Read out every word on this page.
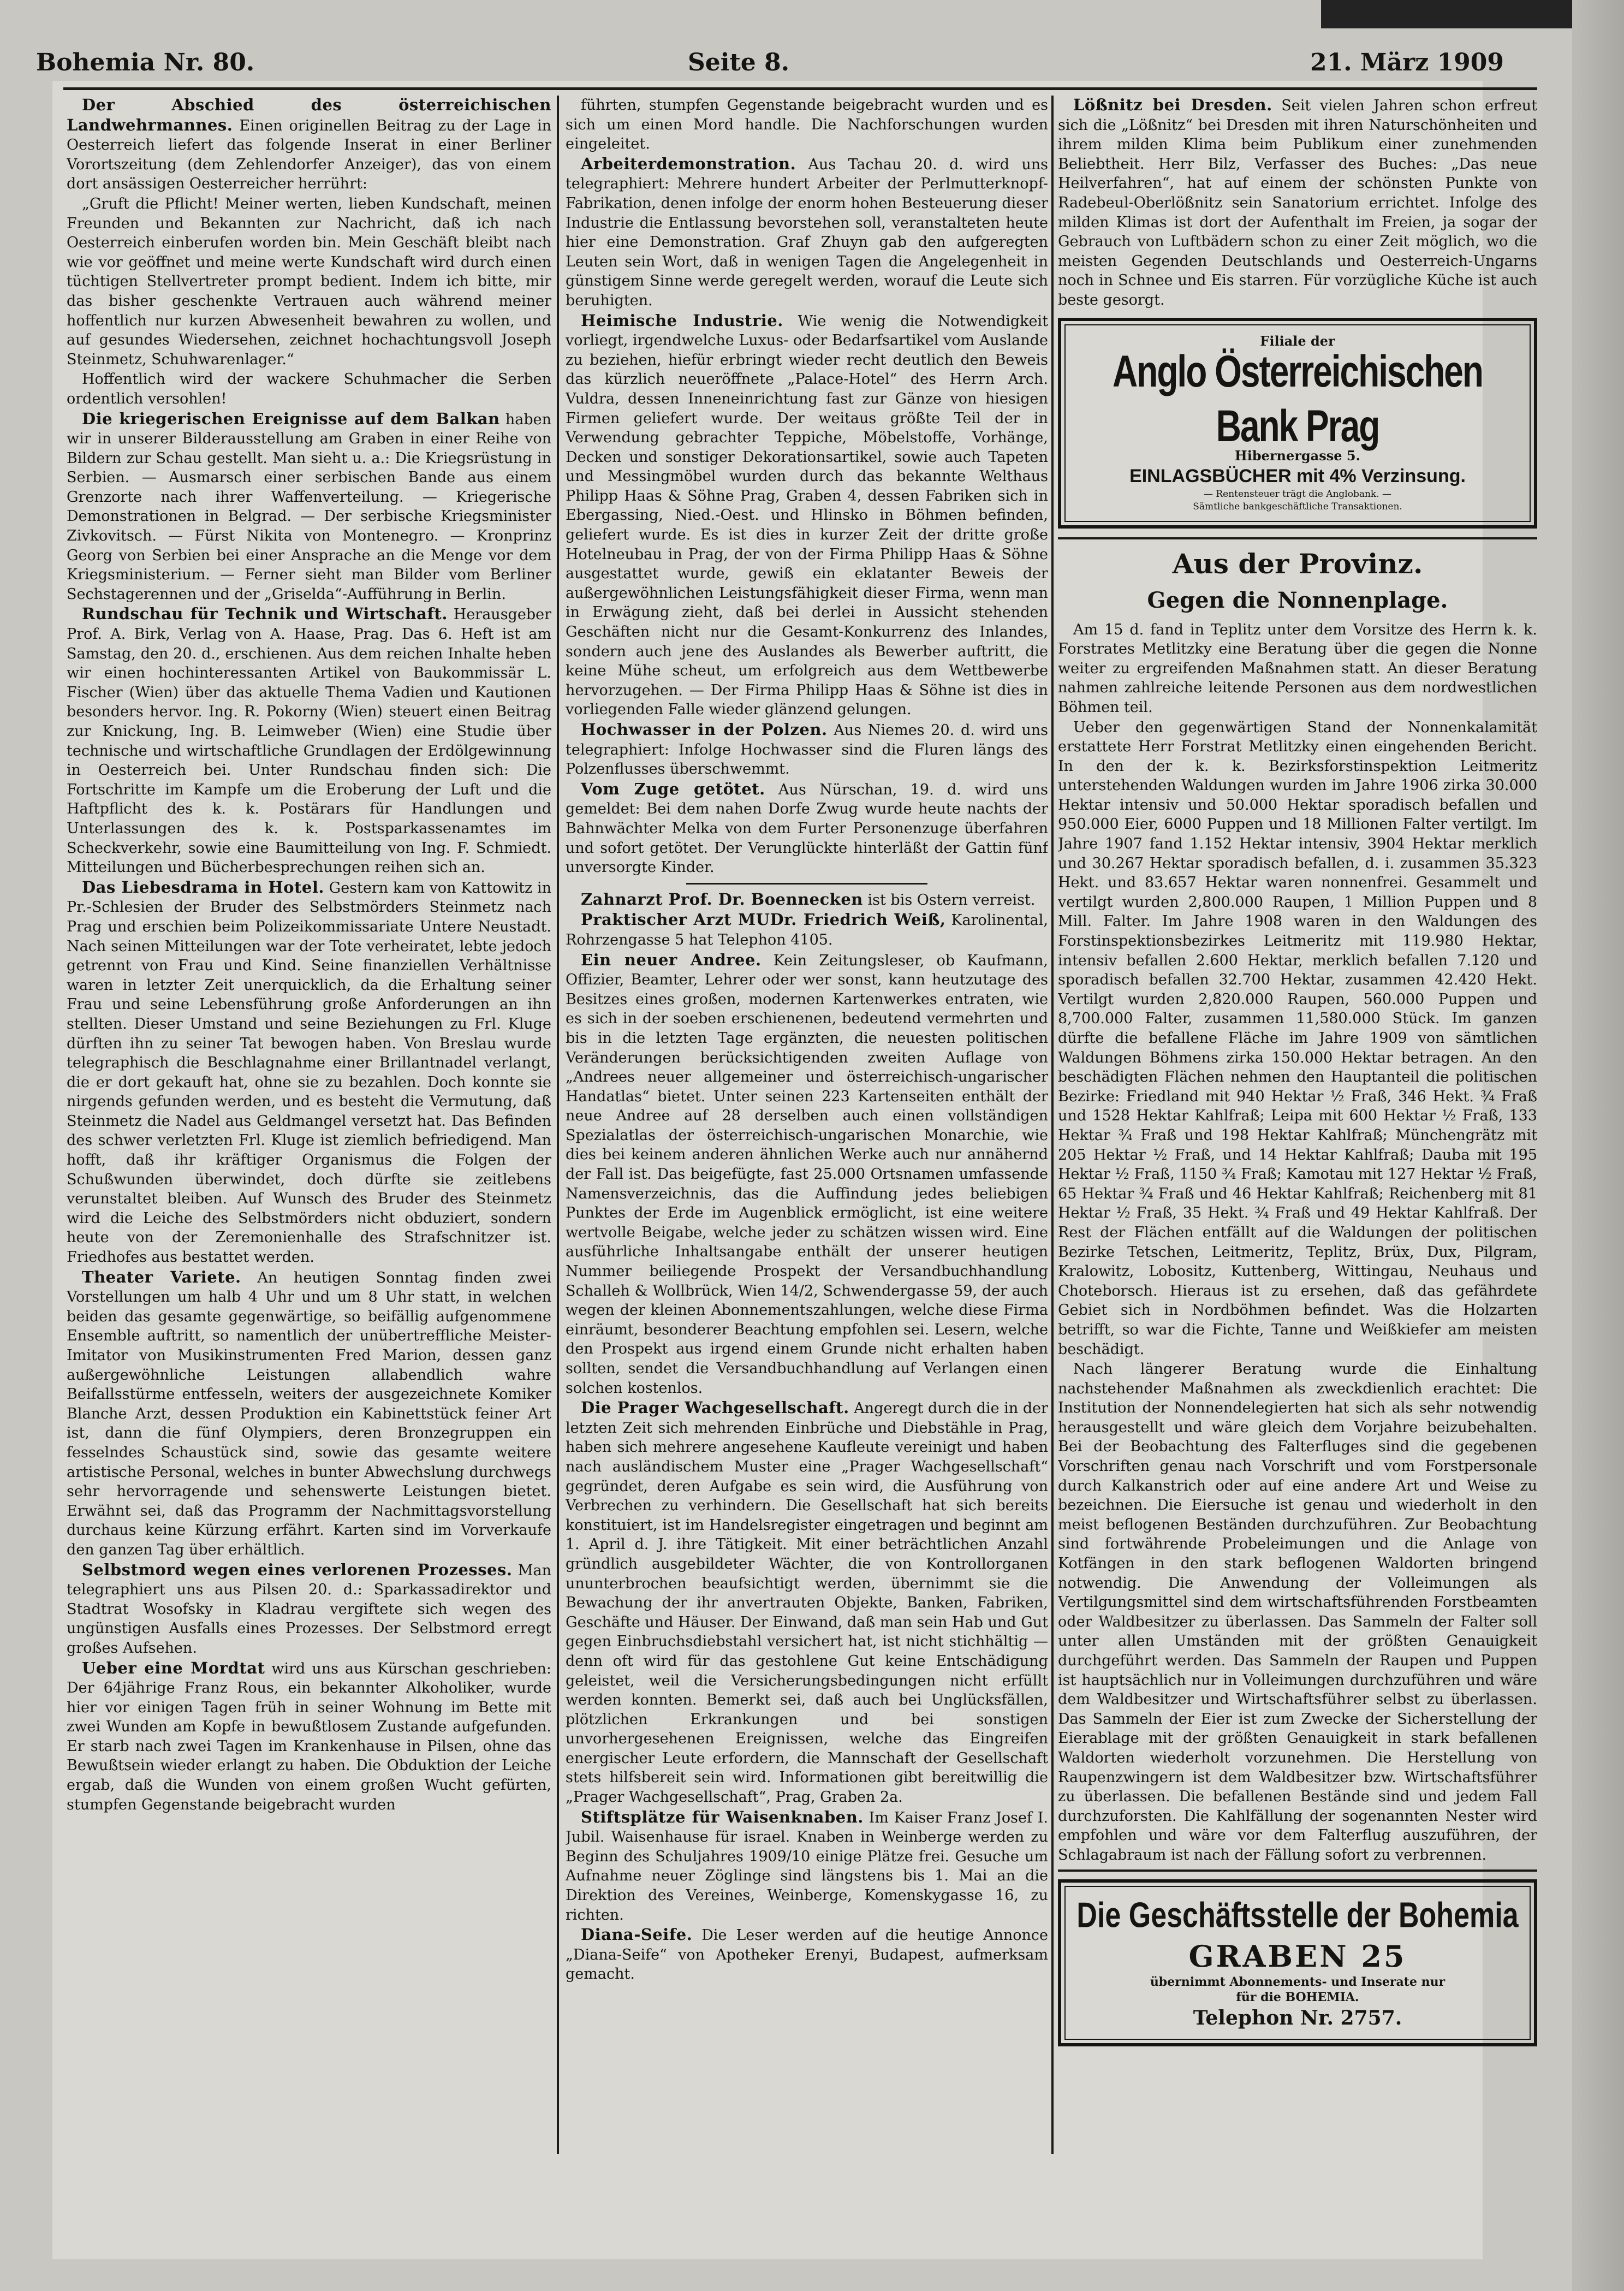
Bohemia Nr. 80.	Seite 8.	21. März 1909

Der Abschied des österreichischen Landwehrmannes. Einen originellen Beitrag zu der Lage in Oesterreich liefert das folgende Inserat in einer Berliner Vorortszeitung (dem Zehlendorfer Anzeiger), das von einem dort ansässigen Oesterreicher herrührt:

„Gruft die Pflicht! Meiner werten, lieben Kundschaft, meinen Freunden und Bekannten zur Nachricht, daß ich nach Oesterreich einberufen worden bin. Mein Geschäft bleibt nach wie vor geöffnet und meine werte Kundschaft wird durch einen tüchtigen Stellvertreter prompt bedient. Indem ich bitte, mir das bisher geschenkte Vertrauen auch während meiner hoffentlich nur kurzen Abwesenheit bewahren zu wollen, und auf gesundes Wiedersehen, zeichnet hochachtungsvoll Joseph Steinmetz, Schuhwarenlager.“

Hoffentlich wird der wackere Schuhmacher die Serben ordentlich versohlen!

Die kriegerischen Ereignisse auf dem Balkan haben wir in unserer Bilderausstellung am Graben in einer Reihe von Bildern zur Schau gestellt. Man sieht u. a.: Die Kriegsrüstung in Serbien. — Ausmarsch einer serbischen Bande aus einem Grenzorte nach ihrer Waffenverteilung. — Kriegerische Demonstrationen in Belgrad. — Der serbische Kriegsminister Zivkovitsch. — Fürst Nikita von Montenegro. — Kronprinz Georg von Serbien bei einer Ansprache an die Menge vor dem Kriegsministerium. — Ferner sieht man Bilder vom Berliner Sechstagerennen und der „Griselda“-Aufführung in Berlin.

Rundschau für Technik und Wirtschaft. Herausgeber Prof. A. Birk, Verlag von A. Haase, Prag. Das 6. Heft ist am Samstag, den 20. d., erschienen. Aus dem reichen Inhalte heben wir einen hochinteressanten Artikel von Baukommissär L. Fischer (Wien) über das aktuelle Thema Vadien und Kautionen besonders hervor. Ing. R. Pokorny (Wien) steuert einen Beitrag zur Knickung, Ing. B. Leimweber (Wien) eine Studie über technische und wirtschaftliche Grundlagen der Erdölgewinnung in Oesterreich bei. Unter Rundschau finden sich: Die Fortschritte im Kampfe um die Eroberung der Luft und die Haftpflicht des k. k. Postärars für Handlungen und Unterlassungen des k. k. Postsparkassenamtes im Scheckverkehr, sowie eine Baumitteilung von Ing. F. Schmiedt. Mitteilungen und Bücherbesprechungen reihen sich an.

Das Liebesdrama in Hotel. Gestern kam von Kattowitz in Pr.-Schlesien der Bruder des Selbstmörders Steinmetz nach Prag und erschien beim Polizeikommissariate Untere Neustadt. Nach seinen Mitteilungen war der Tote verheiratet, lebte jedoch getrennt von Frau und Kind. Seine finanziellen Verhältnisse waren in letzter Zeit unerquicklich, da die Erhaltung seiner Frau und seine Lebensführung große Anforderungen an ihn stellten. Dieser Umstand und seine Beziehungen zu Frl. Kluge dürften ihn zu seiner Tat bewogen haben. Von Breslau wurde telegraphisch die Beschlagnahme einer Brillantnadel verlangt, die er dort gekauft hat, ohne sie zu bezahlen. Doch konnte sie nirgends gefunden werden, und es besteht die Vermutung, daß Steinmetz die Nadel aus Geldmangel versetzt hat. Das Befinden des schwer verletzten Frl. Kluge ist ziemlich befriedigend. Man hofft, daß ihr kräftiger Organismus die Folgen der Schußwunden überwindet, doch dürfte sie zeitlebens verunstaltet bleiben. Auf Wunsch des Bruder des Steinmetz wird die Leiche des Selbstmörders nicht obduziert, sondern heute von der Zeremonienhalle des Strafschnitzer ist. Friedhofes aus bestattet werden.

Theater Variete. An heutigen Sonntag finden zwei Vorstellungen um halb 4 Uhr und um 8 Uhr statt, in welchen beiden das gesamte gegenwärtige, so beifällig aufgenommene Ensemble auftritt, so namentlich der unübertreffliche Meister-Imitator von Musikinstrumenten Fred Marion, dessen ganz außergewöhnliche Leistungen allabendlich wahre Beifallsstürme entfesseln, weiters der ausgezeichnete Komiker Blanche Arzt, dessen Produktion ein Kabinettstück feiner Art ist, dann die fünf Olympiers, deren Bronzegruppen ein fesselndes Schaustück sind, sowie das gesamte weitere artistische Personal, welches in bunter Abwechslung durchwegs sehr hervorragende und sehenswerte Leistungen bietet. Erwähnt sei, daß das Programm der Nachmittagsvorstellung durchaus keine Kürzung erfährt. Karten sind im Vorverkaufe den ganzen Tag über erhältlich.

Selbstmord wegen eines verlorenen Prozesses. Man telegraphiert uns aus Pilsen 20. d.: Sparkassadirektor und Stadtrat Wosofsky in Kladrau vergiftete sich wegen des ungünstigen Ausfalls eines Prozesses. Der Selbstmord erregt großes Aufsehen.

Ueber eine Mordtat wird uns aus Kürschan geschrieben: Der 64jährige Franz Rous, ein bekannter Alkoholiker, wurde hier vor einigen Tagen früh in seiner Wohnung im Bette mit zwei Wunden am Kopfe in bewußtlosem Zustande aufgefunden. Er starb nach zwei Tagen im Krankenhause in Pilsen, ohne das Bewußtsein wieder erlangt zu haben. Die Obduktion der Leiche ergab, daß die Wunden von einem großen Wucht gefürten, stumpfen Gegenstande beigebracht wurden

führten, stumpfen Gegenstande beigebracht wurden und es sich um einen Mord handle. Die Nachforschungen wurden eingeleitet.

Arbeiterdemonstration. Aus Tachau 20. d. wird uns telegraphiert: Mehrere hundert Arbeiter der Perlmutterknopf-Fabrikation, denen infolge der enorm hohen Besteuerung dieser Industrie die Entlassung bevorstehen soll, veranstalteten heute hier eine Demonstration. Graf Zhuyn gab den aufgeregten Leuten sein Wort, daß in wenigen Tagen die Angelegenheit in günstigem Sinne werde geregelt werden, worauf die Leute sich beruhigten.

Heimische Industrie. Wie wenig die Notwendigkeit vorliegt, irgendwelche Luxus- oder Bedarfsartikel vom Auslande zu beziehen, hiefür erbringt wieder recht deutlich den Beweis das kürzlich neueröffnete „Palace-Hotel“ des Herrn Arch. Vuldra, dessen Inneneinrichtung fast zur Gänze von hiesigen Firmen geliefert wurde. Der weitaus größte Teil der in Verwendung gebrachter Teppiche, Möbelstoffe, Vorhänge, Decken und sonstiger Dekorationsartikel, sowie auch Tapeten und Messingmöbel wurden durch das bekannte Welthaus Philipp Haas & Söhne Prag, Graben 4, dessen Fabriken sich in Ebergassing, Nied.-Oest. und Hlinsko in Böhmen befinden, geliefert wurde. Es ist dies in kurzer Zeit der dritte große Hotelneubau in Prag, der von der Firma Philipp Haas & Söhne ausgestattet wurde, gewiß ein eklatanter Beweis der außergewöhnlichen Leistungsfähigkeit dieser Firma, wenn man in Erwägung zieht, daß bei derlei in Aussicht stehenden Geschäften nicht nur die Gesamt-Konkurrenz des Inlandes, sondern auch jene des Auslandes als Bewerber auftritt, die keine Mühe scheut, um erfolgreich aus dem Wettbewerbe hervorzugehen. — Der Firma Philipp Haas & Söhne ist dies in vorliegenden Falle wieder glänzend gelungen.

Hochwasser in der Polzen. Aus Niemes 20. d. wird uns telegraphiert: Infolge Hochwasser sind die Fluren längs des Polzenflusses überschwemmt.

Vom Zuge getötet. Aus Nürschan, 19. d. wird uns gemeldet: Bei dem nahen Dorfe Zwug wurde heute nachts der Bahnwächter Melka von dem Furter Personenzuge überfahren und sofort getötet. Der Verunglückte hinterläßt der Gattin fünf unversorgte Kinder.

Zahnarzt Prof. Dr. Boennecken ist bis Ostern verreist.

Praktischer Arzt MUDr. Friedrich Weiß, Karolinental, Rohrzengasse 5 hat Telephon 4105.

Ein neuer Andree. Kein Zeitungsleser, ob Kaufmann, Offizier, Beamter, Lehrer oder wer sonst, kann heutzutage des Besitzes eines großen, modernen Kartenwerkes entraten, wie es sich in der soeben erschienenen, bedeutend vermehrten und bis in die letzten Tage ergänzten, die neuesten politischen Veränderungen berücksichtigenden zweiten Auflage von „Andrees neuer allgemeiner und österreichisch-ungarischer Handatlas“ bietet. Unter seinen 223 Kartenseiten enthält der neue Andree auf 28 derselben auch einen vollständigen Spezialatlas der österreichisch-ungarischen Monarchie, wie dies bei keinem anderen ähnlichen Werke auch nur annähernd der Fall ist. Das beigefügte, fast 25.000 Ortsnamen umfassende Namensverzeichnis, das die Auffindung jedes beliebigen Punktes der Erde im Augenblick ermöglicht, ist eine weitere wertvolle Beigabe, welche jeder zu schätzen wissen wird. Eine ausführliche Inhaltsangabe enthält der unserer heutigen Nummer beiliegende Prospekt der Versandbuchhandlung Schalleh & Wollbrück, Wien 14/2, Schwendergasse 59, der auch wegen der kleinen Abonnementszahlungen, welche diese Firma einräumt, besonderer Beachtung empfohlen sei. Lesern, welche den Prospekt aus irgend einem Grunde nicht erhalten haben sollten, sendet die Versandbuchhandlung auf Verlangen einen solchen kostenlos.

Die Prager Wachgesellschaft. Angeregt durch die in der letzten Zeit sich mehrenden Einbrüche und Diebstähle in Prag, haben sich mehrere angesehene Kaufleute vereinigt und haben nach ausländischem Muster eine „Prager Wachgesellschaft“ gegründet, deren Aufgabe es sein wird, die Ausführung von Verbrechen zu verhindern. Die Gesellschaft hat sich bereits konstituiert, ist im Handelsregister eingetragen und beginnt am 1. April d. J. ihre Tätigkeit. Mit einer beträchtlichen Anzahl gründlich ausgebildeter Wächter, die von Kontrollorganen ununterbrochen beaufsichtigt werden, übernimmt sie die Bewachung der ihr anvertrauten Objekte, Banken, Fabriken, Geschäfte und Häuser. Der Einwand, daß man sein Hab und Gut gegen Einbruchsdiebstahl versichert hat, ist nicht stichhältig — denn oft wird für das gestohlene Gut keine Entschädigung geleistet, weil die Versicherungsbedingungen nicht erfüllt werden konnten. Bemerkt sei, daß auch bei Unglücksfällen, plötzlichen Erkrankungen und bei sonstigen unvorhergesehenen Ereignissen, welche das Eingreifen energischer Leute erfordern, die Mannschaft der Gesellschaft stets hilfsbereit sein wird. Informationen gibt bereitwillig die „Prager Wachgesellschaft“, Prag, Graben 2a.

Stiftsplätze für Waisenknaben. Im Kaiser Franz Josef I. Jubil. Waisenhause für israel. Knaben in Weinberge werden zu Beginn des Schuljahres 1909/10 einige Plätze frei. Gesuche um Aufnahme neuer Zöglinge sind längstens bis 1. Mai an die Direktion des Vereines, Weinberge, Komenskygasse 16, zu richten.

Diana-Seife. Die Leser werden auf die heutige Annonce „Diana-Seife“ von Apotheker Erenyi, Budapest, aufmerksam gemacht.

Lößnitz bei Dresden. Seit vielen Jahren schon erfreut sich die „Lößnitz“ bei Dresden mit ihren Naturschönheiten und ihrem milden Klima beim Publikum einer zunehmenden Beliebtheit. Herr Bilz, Verfasser des Buches: „Das neue Heilverfahren“, hat auf einem der schönsten Punkte von Radebeul-Oberlößnitz sein Sanatorium errichtet. Infolge des milden Klimas ist dort der Aufenthalt im Freien, ja sogar der Gebrauch von Luftbädern schon zu einer Zeit möglich, wo die meisten Gegenden Deutschlands und Oesterreich-Ungarns noch in Schnee und Eis starren. Für vorzügliche Küche ist auch beste gesorgt.

Filiale der
Anglo Österreichischen Bank Prag
Hibernergasse 5.
EINLAGSBÜCHER mit 4% Verzinsung.
— Rentensteuer trägt die Anglobank. —
Sämtliche bankgeschäftliche Transaktionen.
Aus der Provinz.
Gegen die Nonnenplage.

Am 15 d. fand in Teplitz unter dem Vorsitze des Herrn k. k. Forstrates Metlitzky eine Beratung über die gegen die Nonne weiter zu ergreifenden Maßnahmen statt. An dieser Beratung nahmen zahlreiche leitende Personen aus dem nordwestlichen Böhmen teil.

Ueber den gegenwärtigen Stand der Nonnenkalamität erstattete Herr Forstrat Metlitzky einen eingehenden Bericht. In den der k. k. Bezirksforstinspektion Leitmeritz unterstehenden Waldungen wurden im Jahre 1906 zirka 30.000 Hektar intensiv und 50.000 Hektar sporadisch befallen und 950.000 Eier, 6000 Puppen und 18 Millionen Falter vertilgt. Im Jahre 1907 fand 1.152 Hektar intensiv, 3904 Hektar merklich und 30.267 Hektar sporadisch befallen, d. i. zusammen 35.323 Hekt. und 83.657 Hektar waren nonnenfrei. Gesammelt und vertilgt wurden 2,800.000 Raupen, 1 Million Puppen und 8 Mill. Falter. Im Jahre 1908 waren in den Waldungen des Forstinspektionsbezirkes Leitmeritz mit 119.980 Hektar, intensiv befallen 2.600 Hektar, merklich befallen 7.120 und sporadisch befallen 32.700 Hektar, zusammen 42.420 Hekt. Vertilgt wurden 2,820.000 Raupen, 560.000 Puppen und 8,700.000 Falter, zusammen 11,580.000 Stück. Im ganzen dürfte die befallene Fläche im Jahre 1909 von sämtlichen Waldungen Böhmens zirka 150.000 Hektar betragen. An den beschädigten Flächen nehmen den Hauptanteil die politischen Bezirke: Friedland mit 940 Hektar ½ Fraß, 346 Hekt. ¾ Fraß und 1528 Hektar Kahlfraß; Leipa mit 600 Hektar ½ Fraß, 133 Hektar ¾ Fraß und 198 Hektar Kahlfraß; Münchengrätz mit 205 Hektar ½ Fraß, und 14 Hektar Kahlfraß; Dauba mit 195 Hektar ½ Fraß, 1150 ¾ Fraß; Kamotau mit 127 Hektar ½ Fraß, 65 Hektar ¾ Fraß und 46 Hektar Kahlfraß; Reichenberg mit 81 Hektar ½ Fraß, 35 Hekt. ¾ Fraß und 49 Hektar Kahlfraß. Der Rest der Flächen entfällt auf die Waldungen der politischen Bezirke Tetschen, Leitmeritz, Teplitz, Brüx, Dux, Pilgram, Kralowitz, Lobositz, Kuttenberg, Wittingau, Neuhaus und Choteborsch. Hieraus ist zu ersehen, daß das gefährdete Gebiet sich in Nordböhmen befindet. Was die Holzarten betrifft, so war die Fichte, Tanne und Weißkiefer am meisten beschädigt.

Nach längerer Beratung wurde die Einhaltung nachstehender Maßnahmen als zweckdienlich erachtet: Die Institution der Nonnendelegierten hat sich als sehr notwendig herausgestellt und wäre gleich dem Vorjahre beizubehalten. Bei der Beobachtung des Falterfluges sind die gegebenen Vorschriften genau nach Vorschrift und vom Forstpersonale durch Kalkanstrich oder auf eine andere Art und Weise zu bezeichnen. Die Eiersuche ist genau und wiederholt in den meist beflogenen Beständen durchzuführen. Zur Beobachtung sind fortwährende Probeleimungen und die Anlage von Kotfängen in den stark beflogenen Waldorten bringend notwendig. Die Anwendung der Volleimungen als Vertilgungsmittel sind dem wirtschaftsführenden Forstbeamten oder Waldbesitzer zu überlassen. Das Sammeln der Falter soll unter allen Umständen mit der größten Genauigkeit durchgeführt werden. Das Sammeln der Raupen und Puppen ist hauptsächlich nur in Volleimungen durchzuführen und wäre dem Waldbesitzer und Wirtschaftsführer selbst zu überlassen. Das Sammeln der Eier ist zum Zwecke der Sicherstellung der Eierablage mit der größten Genauigkeit in stark befallenen Waldorten wiederholt vorzunehmen. Die Herstellung von Raupenzwingern ist dem Waldbesitzer bzw. Wirtschaftsführer zu überlassen. Die befallenen Bestände sind und jedem Fall durchzuforsten. Die Kahlfällung der sogenannten Nester wird empfohlen und wäre vor dem Falterflug auszuführen, der Schlagabraum ist nach der Fällung sofort zu verbrennen.

Die Geschäftsstelle der Bohemia
GRABEN 25
übernimmt Abonnements- und Inserate nur
für die BOHEMIA.
Telephon Nr. 2757.
